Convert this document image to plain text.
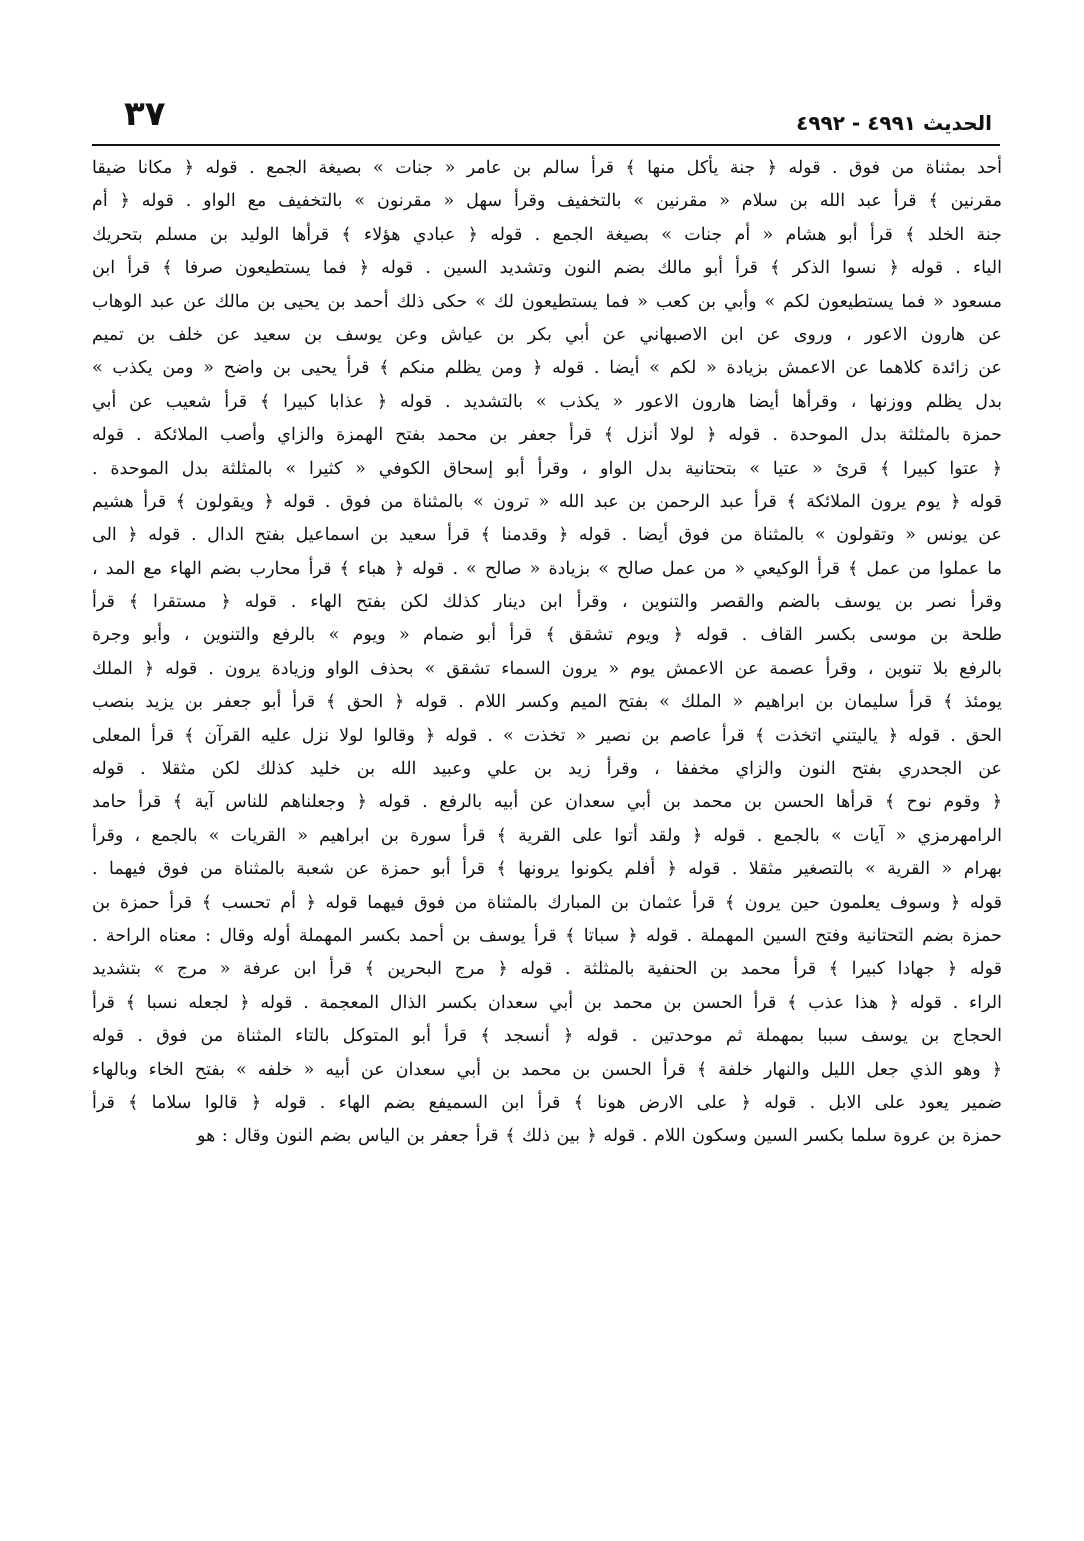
الحديث ٤٩٩١ - ٤٩٩٢
٣٧
أحد بمثناة من فوق . قوله ﴿ جنة يأكل منها ﴾ قرأ سالم بن عامر « جنات » بصيغة الجمع . قوله ﴿ مكانا ضيقا
مقرنين ﴾ قرأ عبد الله بن سلام « مقرنين » بالتخفيف وقرأ سهل « مقرنون » بالتخفيف مع الواو . قوله ﴿ أم
جنة الخلد ﴾ قرأ أبو هشام « أم جنات » بصيغة الجمع . قوله ﴿ عبادي هؤلاء ﴾ قرأها الوليد بن مسلم بتحريك
الياء . قوله ﴿ نسوا الذكر ﴾ قرأ أبو مالك بضم النون وتشديد السين . قوله ﴿ فما يستطيعون صرفا ﴾ قرأ ابن
مسعود « فما يستطيعون لكم » وأبي بن كعب « فما يستطيعون لك » حكى ذلك أحمد بن يحيى بن مالك عن عبد الوهاب
عن هارون الاعور ، وروى عن ابن الاصبهاني عن أبي بكر بن عياش وعن يوسف بن سعيد عن خلف بن تميم
عن زائدة كلاهما عن الاعمش بزيادة « لكم » أيضا . قوله ﴿ ومن يظلم منكم ﴾ قرأ يحيى بن واضح « ومن يكذب »
بدل يظلم ووزنها ، وقرأها أيضا هارون الاعور « يكذب » بالتشديد . قوله ﴿ عذابا كبيرا ﴾ قرأ شعيب عن أبي
حمزة بالمثلثة بدل الموحدة . قوله ﴿ لولا أنزل ﴾ قرأ جعفر بن محمد بفتح الهمزة والزاي وأصب الملائكة . قوله
﴿ عتوا كبيرا ﴾ قرئ « عتيا » بتحتانية بدل الواو ، وقرأ أبو إسحاق الكوفي « كثيرا » بالمثلثة بدل الموحدة .
قوله ﴿ يوم يرون الملائكة ﴾ قرأ عبد الرحمن بن عبد الله « ترون » بالمثناة من فوق . قوله ﴿ ويقولون ﴾ قرأ هشيم
عن يونس « وتقولون » بالمثناة من فوق أيضا . قوله ﴿ وقدمنا ﴾ قرأ سعيد بن اسماعيل بفتح الدال . قوله ﴿ الى
ما عملوا من عمل ﴾ قرأ الوكيعي « من عمل صالح » بزيادة « صالح » . قوله ﴿ هباء ﴾ قرأ محارب بضم الهاء مع المد ،
وقرأ نصر بن يوسف بالضم والقصر والتنوين ، وقرأ ابن دينار كذلك لكن بفتح الهاء . قوله ﴿ مستقرا ﴾ قرأ
طلحة بن موسى بكسر القاف . قوله ﴿ ويوم تشقق ﴾ قرأ أبو ضمام « ويوم » بالرفع والتنوين ، وأبو وجرة
بالرفع بلا تنوين ، وقرأ عصمة عن الاعمش يوم « يرون السماء تشقق » بحذف الواو وزيادة يرون . قوله ﴿ الملك
يومئذ ﴾ قرأ سليمان بن ابراهيم « الملك » بفتح الميم وكسر اللام . قوله ﴿ الحق ﴾ قرأ أبو جعفر بن يزيد بنصب
الحق . قوله ﴿ ياليتني اتخذت ﴾ قرأ عاصم بن نصير « تخذت » . قوله ﴿ وقالوا لولا نزل عليه القرآن ﴾ قرأ المعلى
عن الجحدري بفتح النون والزاي مخففا ، وقرأ زيد بن علي وعبيد الله بن خليد كذلك لكن مثقلا . قوله
﴿ وقوم نوح ﴾ قرأها الحسن بن محمد بن أبي سعدان عن أبيه بالرفع . قوله ﴿ وجعلناهم للناس آية ﴾ قرأ حامد
الرامهرمزي « آيات » بالجمع . قوله ﴿ ولقد أتوا على القرية ﴾ قرأ سورة بن ابراهيم « القريات » بالجمع ، وقرأ
بهرام « القرية » بالتصغير مثقلا . قوله ﴿ أفلم يكونوا يرونها ﴾ قرأ أبو حمزة عن شعبة بالمثناة من فوق فيهما .
قوله ﴿ وسوف يعلمون حين يرون ﴾ قرأ عثمان بن المبارك بالمثناة من فوق فيهما قوله ﴿ أم تحسب ﴾ قرأ حمزة بن
حمزة بضم التحتانية وفتح السين المهملة . قوله ﴿ سباتا ﴾ قرأ يوسف بن أحمد بكسر المهملة أوله وقال : معناه الراحة .
قوله ﴿ جهادا كبيرا ﴾ قرأ محمد بن الحنفية بالمثلثة . قوله ﴿ مرج البحرين ﴾ قرأ ابن عرفة « مرج » بتشديد
الراء . قوله ﴿ هذا عذب ﴾ قرأ الحسن بن محمد بن أبي سعدان بكسر الذال المعجمة . قوله ﴿ لجعله نسبا ﴾ قرأ
الحجاج بن يوسف سببا بمهملة ثم موحدتين . قوله ﴿ أنسجد ﴾ قرأ أبو المتوكل بالتاء المثناة من فوق . قوله
﴿ وهو الذي جعل الليل والنهار خلفة ﴾ قرأ الحسن بن محمد بن أبي سعدان عن أبيه « خلفه » بفتح الخاء وبالهاء
ضمير يعود على الابل . قوله ﴿ على الارض هونا ﴾ قرأ ابن السميفع بضم الهاء . قوله ﴿ قالوا سلاما ﴾ قرأ
حمزة بن عروة سلما بكسر السين وسكون اللام . قوله ﴿ بين ذلك ﴾ قرأ جعفر بن الياس بضم النون وقال : هو
